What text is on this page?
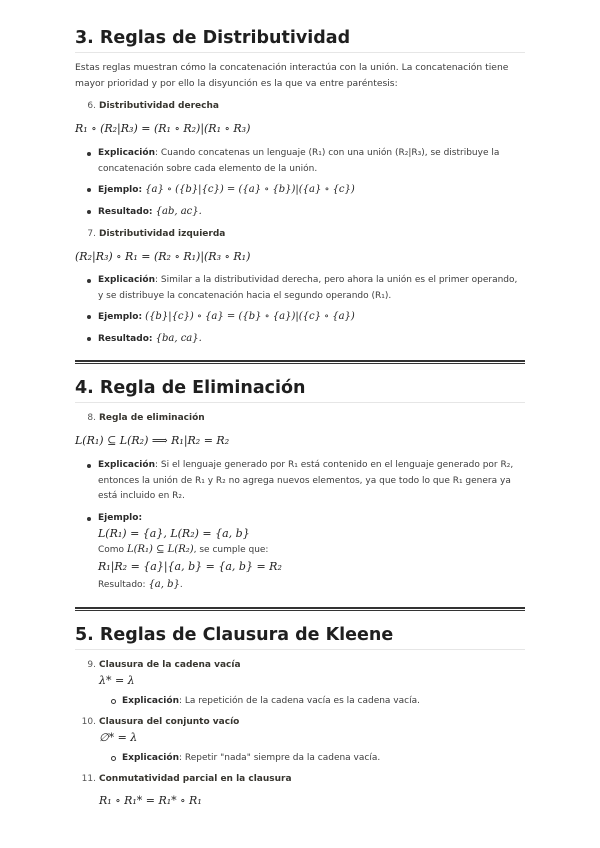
3. Reglas de Distributividad
Estas reglas muestran cómo la concatenación interactúa con la unión. La concatenación tiene mayor prioridad y por ello la disyunción es la que va entre paréntesis:
6. Distributividad derecha
R₁ ∘ (R₂|R₃) = (R₁ ∘ R₂)|(R₁ ∘ R₃)
Explicación: Cuando concatenas un lenguaje (R₁) con una unión (R₂|R₃), se distribuye la concatenación sobre cada elemento de la unión.
Ejemplo: {a} ∘ ({b}|{c}) = ({a} ∘ {b})|({a} ∘ {c})
Resultado: {ab, ac}.
7. Distributividad izquierda
(R₂|R₃) ∘ R₁ = (R₂ ∘ R₁)|(R₃ ∘ R₁)
Explicación: Similar a la distributividad derecha, pero ahora la unión es el primer operando, y se distribuye la concatenación hacia el segundo operando (R₁).
Ejemplo: ({b}|{c}) ∘ {a} = ({b} ∘ {a})|({c} ∘ {a})
Resultado: {ba, ca}.
4. Regla de Eliminación
8. Regla de eliminación
L(R₁) ⊆ L(R₂) ⟹ R₁|R₂ = R₂
Explicación: Si el lenguaje generado por R₁ está contenido en el lenguaje generado por R₂, entonces la unión de R₁ y R₂ no agrega nuevos elementos, ya que todo lo que R₁ genera ya está incluido en R₂.
Ejemplo:
L(R₁) = {a}, L(R₂) = {a, b}
Como L(R₁) ⊆ L(R₂), se cumple que:
R₁|R₂ = {a}|{a, b} = {a, b} = R₂
Resultado: {a, b}.
5. Reglas de Clausura de Kleene
9. Clausura de la cadena vacía
λ* = λ
Explicación: La repetición de la cadena vacía es la cadena vacía.
10. Clausura del conjunto vacío
∅* = λ
Explicación: Repetir "nada" siempre da la cadena vacía.
11. Conmutatividad parcial en la clausura
R₁ ∘ R₁* = R₁* ∘ R₁
